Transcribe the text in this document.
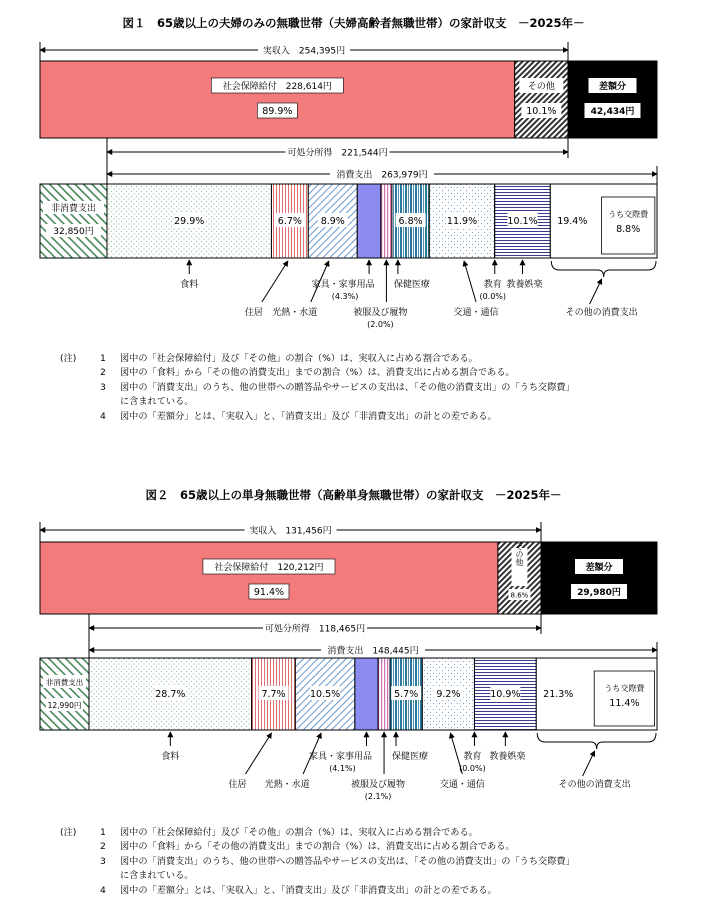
図１　65歳以上の夫婦のみの無職世帯（夫婦高齢者無職世帯）の家計収支　－2025年－
実収入　254,395円
社会保障給付　228,614円
89.9%
その他
10.1%
差額分
42,434円
可処分所得　221,544円
消費支出　263,979円
非消費支出
32,850円
29.9%	6.7% 8.9%	6.8%	11.9%	10.1% 19.4%
うち交際費
8.8%
食料
住居 光熱・水道
家具・家事用品
(4.3%)
被服及び履物
(2.0%)
保健医療
交通・通信
教育
(0.0%)
教養娯楽
その他の消費支出
図２　65歳以上の単身無職世帯（高齢単身無職世帯）の家計収支　－2025年－
実収入　131,456円
社会保障給付　120,212円
91.4%
その他
8.6%
差額分
29,980円
可処分所得　118,465円
消費支出　148,445円
非消費支出
12,990円
28.7%	7.7%	10.5%	5.7% 9.2%	10.9% 21.3%
うち交際費
11.4%
食料
住居 光熱・水道
家具・家事用品
(4.1%)
被服及び履物
(2.1%)
保健医療
交通・通信
教育
(0.0%)
教養娯楽
その他の消費支出
(注)	1	図中の「社会保障給付」及び「その他」の割合（%）は、実収入に占める割合である。
2	図中の「食料」から「その他の消費支出」までの割合（%）は、消費支出に占める割合である。
3	図中の「消費支出」のうち、他の世帯への贈答品やサービスの支出は、「その他の消費支出」の「うち交際費」
に含まれている。
4	図中の「差額分」とは、「実収入」と、「消費支出」及び「非消費支出」の計との差である。
(注)	1	図中の「社会保障給付」及び「その他」の割合（%）は、実収入に占める割合である。
2	図中の「食料」から「その他の消費支出」までの割合（%）は、消費支出に占める割合である。
3	図中の「消費支出」のうち、他の世帯への贈答品やサービスの支出は、「その他の消費支出」の「うち交際費」
に含まれている。
4	図中の「差額分」とは、「実収入」と、「消費支出」及び「非消費支出」の計との差である。
